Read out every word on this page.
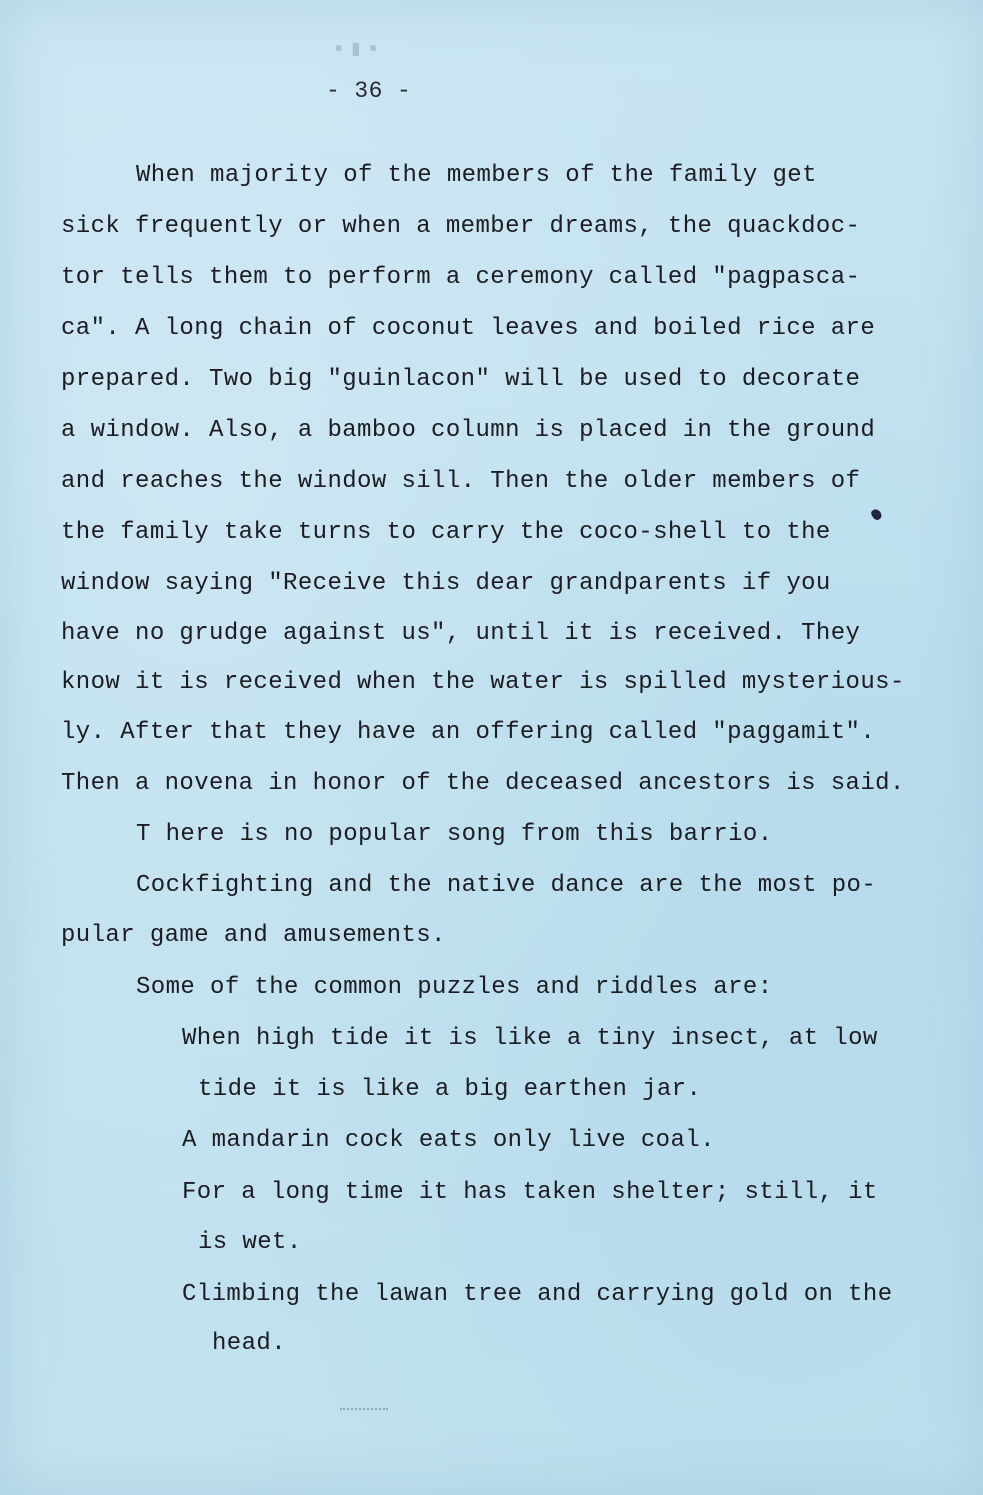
▪▮▪

- 36 -

When majority of the members of the family get

sick frequently or when a member dreams, the quackdoc-

tor tells them to perform a ceremony called "pagpasca-

ca". A long chain of coconut leaves and boiled rice are

prepared. Two big "guinlacon" will be used to decorate

a window. Also, a bamboo column is placed in the ground

and reaches the window sill. Then the older members of

the family take turns to carry the coco-shell to the

window saying "Receive this dear grandparents if you

have no grudge against us", until it is received. They

know it is received when the water is spilled mysterious-

ly. After that they have an offering called "paggamit".

Then a novena in honor of the deceased ancestors is said.

T here is no popular song from this barrio.

Cockfighting and the native dance are the most po-

pular game and amusements.

Some of the common puzzles and riddles are:

When high tide it is like a tiny insect, at low

tide it is like a big earthen jar.

A mandarin cock eats only live coal.

For a long time it has taken shelter; still, it

is wet.

Climbing the lawan tree and carrying gold on the

head.
